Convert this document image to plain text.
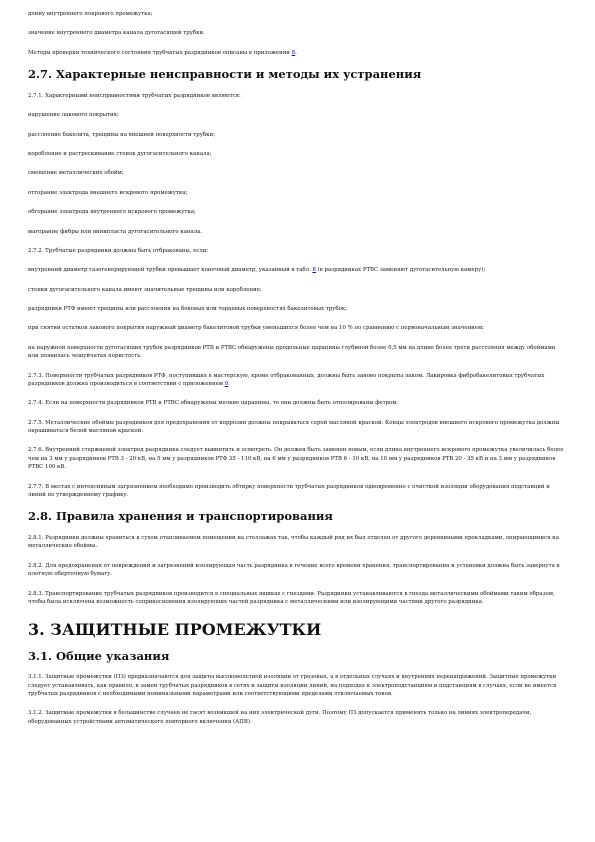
длину внутреннего покрового промежутка;

значение внутреннего диаметра канала дугогасящей трубки.

Методы проверки технического состояния трубчатых разрядников описаны в приложении 8.

2.7. Характерные неисправности и методы их устранения

2.7.1. Характерными неисправностями трубчатых разрядников являются:

нарушение лакового покрытия;

расслоение бакелита, трещины на внешней поверхности трубки;

коробление и растрескивание стенок дугогасительного канала;

смещение металлических обойм;

отгорание электрода внешнего искрового промежутка;

обгорание электрода внутреннего искрового промежутка;

выгорание фибры или винипласта дугогасительного канала.

2.7.2. Трубчатые разрядники должны быть отбракованы, если:

внутренний диаметр газогенерирующей трубки превышает конечный диаметр, указанный в табл. 8 (в разрядниках РТВС заменяют дугогасительную камеру);

стенки дугогасительного канала имеют значительные трещины или коробление;

разрядники РТФ имеют трещины или расслоения на боковых или торцевых поверхностях бакелитовых трубок;

при снятии остатков лакового покрытия наружный диаметр бакелитовой трубки уменьшился более чем на 10 % по сравнению с первоначальным значением;

на наружной поверхности дугогасящих трубок разрядников РТВ и РТВС обнаружены продольные царапины глубиной более 0,5 мм на длине более трети расстояния между обоймами или появилась чешуйчатая пористость.

2.7.3. Поверхности трубчатых разрядников РТФ, поступивших в мастерскую, кроме отбракованных, должны быть заново покрыты лаком. Лакировка фибробакелитовых трубчатых разрядников должна производиться в соответствии с приложением 9.

2.7.4. Если на поверхности разрядников РТВ и РТВС обнаружены мелкие царапины, то они должны быть отполированы фетром.

2.7.5. Металлические обоймы разрядников для предохранения от коррозии должны покрываться серой масляной краской. Концы электродов внешнего искрового промежутка должны окрашиваться белой масляной краской.

2.7.6. Внутренний стержневой электрод разрядника следует вывинтить и осмотреть. Он должен быть заменен новым, если длина внутреннего искрового промежутка увеличилась более чем на 3 мм у разрядников РТВ 3 - 20 кВ, на 5 мм у разрядников РТФ 35 - 110 кВ, на 6 мм у разрядников РТВ 6 - 10 кВ, на 10 мм у разрядников РТВ 20 - 35 кВ и на 3 мм у разрядников РТВС 100 кВ.

2.7.7. В местах с интенсивным загрязнением необходимо производить обтирку поверхности трубчатых разрядников одновременно с очисткой изоляции оборудования подстанций и линий по утвержденному графику.

2.8. Правила хранения и транспортирования

2.8.1. Разрядники должны храниться в сухом отапливаемом помещении на стеллажах так, чтобы каждый ряд их был отделен от другого деревянными прокладками, опирающимися на металлические обоймы.

2.8.2. Для предохранения от повреждений и загрязнений изолирующая часть разрядника в течение всего времени хранения, транспортирования и установки должна быть завернута в плотную оберточную бумагу.

2.8.3. Транспортирование трубчатых разрядников производится в специальных ящиках с гнездами. Разрядники устанавливаются в гнезда металлическими обоймами таким образом, чтобы была исключена возможность соприкосновения изолирующих частей разрядника с металлическими или изолирующими частями другого разрядника.

3. ЗАЩИТНЫЕ ПРОМЕЖУТКИ
3.1. Общие указания

3.1.1. Защитные промежутки (ПЗ) предназначаются для защиты высоковольтной изоляции от грозовых, а в отдельных случаях и внутренних перенапряжений. Защитные промежутки следует устанавливать, как правило, в замен трубчатых разрядников в сетях и защиты изоляции линий, на подходах к электроподстанциям и подстанциям в случаях, если не имеется трубчатых разрядников с необходимыми номинальными параметрами или соответствующими пределами отключаемых токов.

3.1.2. Защитные промежутки в большинстве случаев не гасят возникшей на них электрической дуги. Поэтому ПЗ допускается применять только на линиях электропередачи, оборудованных устройствами автоматического повторного включения (АПВ).
